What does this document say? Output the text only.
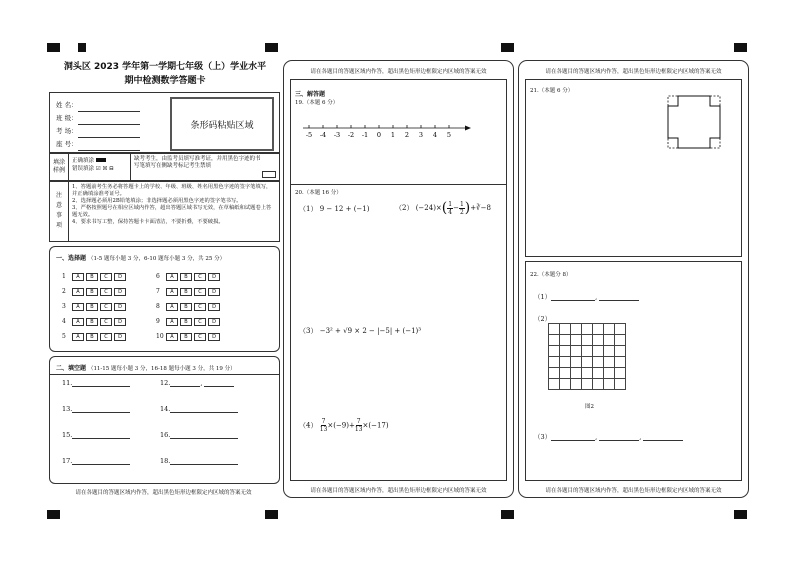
洞头区 2023 学年第一学期七年级（上）学业水平
期中检测数学答题卡
姓 名：
班 级：
考 场：
座 号：
条形码粘贴区域
填涂
样例
正确填涂
错误填涂 ☑ ☒ ⊟
缺考考生，由监考员填写准考证，并用黑色字迹的书写笔填写在侧缺考标记考生禁填
注
意
事
项
1、答题前考生务必将答题卡上的学校、年级、班级、姓名用黑色字迹的签字笔填写，并正确填涂准考证号。
2、选择题必须用2B铅笔填涂；非选择题必须用黑色字迹的签字笔书写。
3、严格按照题号在相应区域内作答，超出答题区域书写无效，在草稿纸和试题卷上答题无效。
4、要求书写工整，保持答题卡卡面清洁，不要折叠，不要破损。
一、选择题 （1-5 题每小题 3 分，6-10 题每小题 3 分，共 25 分）
1 A B C D
2 A B C D
3 A B C D
4 A B C D
5 A B C D
6 A B C D
7 A B C D
8 A B C D
9 A B C D
10 A B C D
二、填空题 （11-15 题每小题 3 分，16-18 题每小题 3 分，共 19 分）
11.	12.	,
13.	14.
15.	16.
17.	18.
请在各题目的答题区域内作答，超出黑色矩形边框限定内区域的答案无效
请在各题目的答题区域内作答，超出黑色矩形边框限定内区域的答案无效
三、解答题
19.（本题 6 分）
-5 -4 -3 -2 -1 0 1 2 3 4 5
20.（本题 16 分）
（1） 9 − 12 + (−1)	（2） $(-24)\times( \frac{1}{4} - \frac{1}{2}$ )+∛−8
（3） −3² + √9 × 2 − |−5| + (−1)³
$(4) \frac{7}{13} \times(-9)+ \frac{7}{13} \times(-17)$
请在各题目的答题区域内作答，超出黑色矩形边框限定内区域的答案无效
请在各题目的答题区域内作答，超出黑色矩形边框限定内区域的答案无效
21.（本题 6 分）
22.（本题分 8）
（1）	,
（2）
图2
（3）	,	,
请在各题目的答题区域内作答，超出黑色矩形边框限定内区域的答案无效
